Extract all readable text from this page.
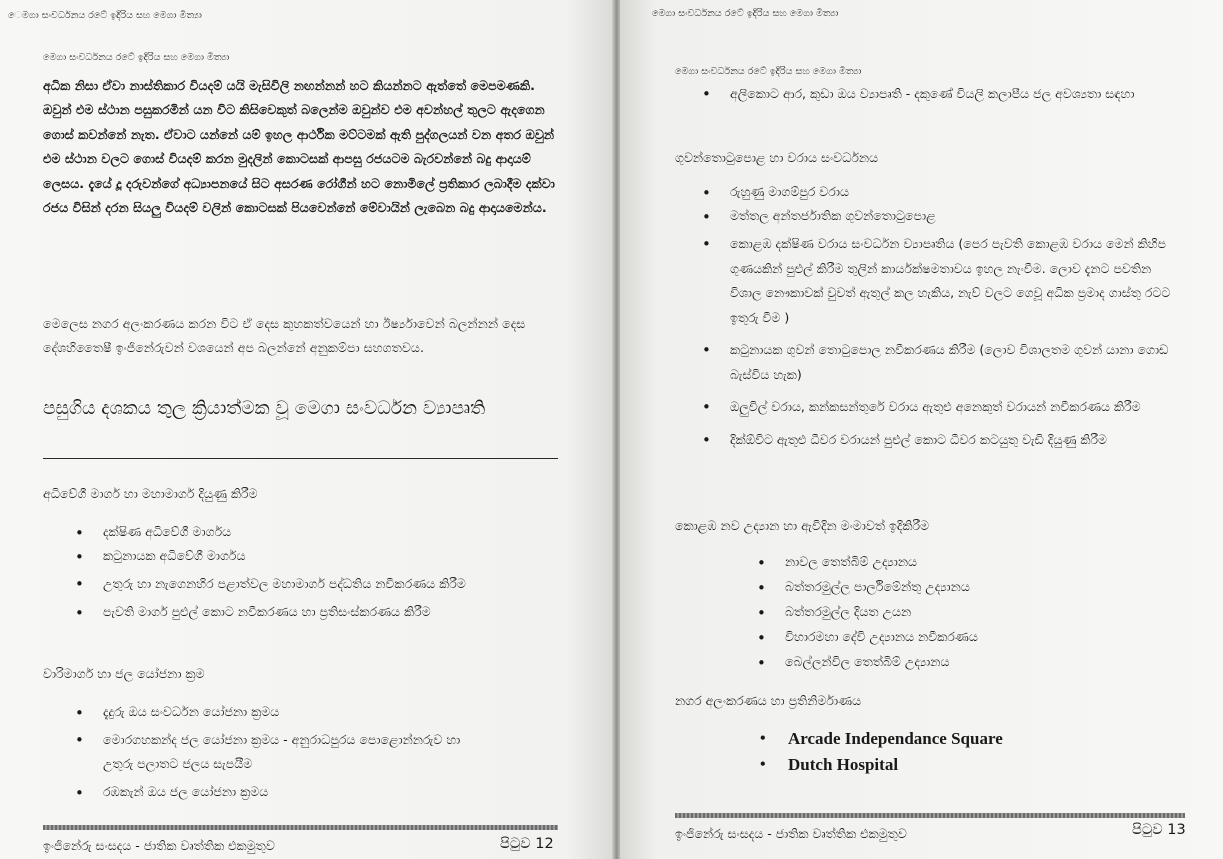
ෙමගා සංවර්ධනය රටේ ඉදිරිය සහ මෙගා මිත්‍යා
මෙගා සංවර්ධනය රටේ ඉදිරිය සහ මෙගා මිත්‍යා
අධික නිසා ඒවා නාස්තිකාර වියදම් යයි මැසිවිලි නඟන්නන් හට කියන්නට ඇත්තේ මෙපමණකි. ඔවුන් එම ස්ථාන පසුකරමින් යන විට කිසිවෙකුත් බලෙන්ම ඔවුන්ව එම අවන්හල් තුලට ඇදගෙන ගොස් කවන්නේ නැත. ඒවාට යන්නේ යම් ඉහල ආර්ථික මට්ටමක් ඇති පුද්ගලයන් වන අතර ඔවුන් එම ස්ථාන වලට ගොස් වියදම් කරන මුදලින් කොටසක් ආපසු රජයටම බැරවන්නේ බදු ආදායම් ලෙසය. දැයේ දූ දරුවන්ගේ අධ්‍යාපනයේ සිට අසරණ රෝගීන් හට නොමිලේ ප්‍රතිකාර ලබාදීම දක්වා රජය විසින් දරන සියලු වියදම් වලින් කොටසක් පියවෙන්නේ මේවායින් ලැබෙන බදු ආදායමෙන්ය.
මෙලෙස නගර අලංකරණය කරන විට ඒ දෙස කුහකත්වයෙන් හා ඊර්ෂ්‍යාවෙන් බලන්නන් දෙස දේශහිතෛෂී ඉංජිනේරුවන් වශයෙන් අප බලන්නේ අනුකම්පා සහගතවය.
පසුගිය දශකය තුල ක්‍රියාත්මක වූ මෙගා සංවර්ධන ව්‍යාපෘති
අධිවේගී මාර්ග හා මහාමාර්ග දියුණු කිරීම
• දක්ෂිණ අධිවේගී මාර්ගය
• කටුනායක අධිවේගී මාර්ගය
• උතුරු හා නැගෙනහිර පළාත්වල මහාමාර්ග පද්ධතිය නවීකරණය කිරීම
• පැවති මාර්ග පුළුල් කොට නවීකරණය හා ප්‍රතිසංස්කරණය කිරීම
වාරිමාර්ග හා ජල යෝජනා ක්‍රම
• දැදුරු ඔය සංවර්ධන යෝජනා ක්‍රමය
• මොරගහකන්ද ජල යෝජනා ක්‍රමය - අනුරාධපුරය පොළොන්නරුව හා උතුරු පලාතට ජලය සැපයීම
• රඹකැන් ඔය ජල යෝජනා ක්‍රමය
ඉංජිනේරු සංසදය - ජාතික වෘත්තික එකමුතුව	පිටුව 12
මෙගා සංවර්ධනය රටේ ඉදිරිය සහ මෙගා මිත්‍යා
මෙගා සංවර්ධනය රටේ ඉදිරිය සහ මෙගා මිත්‍යා
• අලිකොට ආර, කුඩා ඔය ව්‍යාපෘති - දකුණේ වියලි කලාපීය ජල අවශ්‍යතා සඳහා
ගුවන්තොටුපොළ හා වරාය සංවර්ධනය
• රුහුණු මාගම්පුර වරාය
• මත්තල අන්තර්ජාතික ගුවන්තොටුපොළ
• කොළඹ දක්ෂිණ වරාය සංවර්ධන ව්‍යාපෘතිය (පෙර පැවති කොළඹ වරාය මෙන් කිහිප ගුණයකින් පුළුල් කිරීම තුලින් කාර්යක්ෂමතාවය ඉහල නැංවීම. ලොව දැනට පවතින විශාල නෞකාවක් වුවත් ඇතුල් කල හැකිය, නැව් වලට ගෙවූ අධික ප්‍රමාද ගාස්තු රටට ඉතුරු වීම )
• කටුනායක ගුවන් තොටුපොල නවීකරණය කිරීම (ලොව විශාලතම ගුවන් යානා ගොඩ බැස්විය හැක)
• ඔලුවිල් වරාය, කන්කසන්තුරේ වරාය ඇතුළු අනෙකුත් වරායන් නවීකරණය කිරීම
• දික්ඕවිට ඇතුළු ධීවර වරායන් පුළුල් කොට ධීවර කටයුතු වැඩි දියුණු කිරීම
කොළඹ නව උද්‍යාන හා ඇවිදින මංමාවත් ඉදිකිරීම
• නාවල තෙත්බිම් උද්‍යානය
• බත්තරමුල්ල පාර්ලිමේන්තු උද්‍යානය
• බත්තරමුල්ල දියත උයන
• විහාරමහා දේවි උද්‍යානය නවීකරණය
• බෙල්ලන්විල තෙත්බිම් උද්‍යානය
නගර අලංකරණය හා ප්‍රතිනිර්මාණය
• Arcade Independance Square
• Dutch Hospital
ඉංජිනේරු සංසදය - ජාතික වෘත්තික එකමුතුව	පිටුව 13
